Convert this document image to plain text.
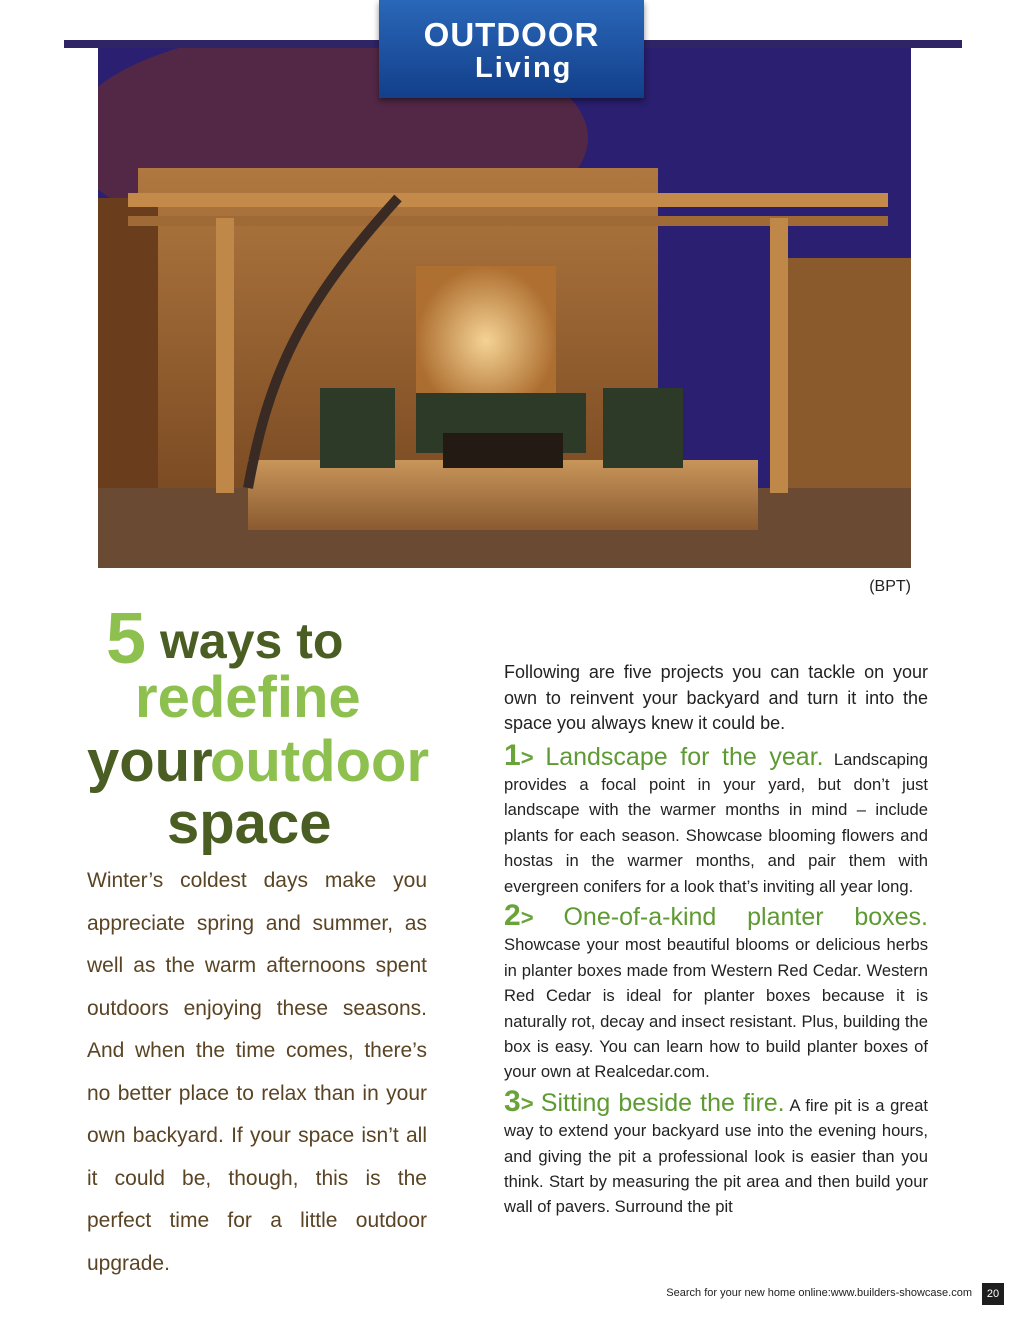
OUTDOOR
Living
(BPT)
5 ways to
redefine
your
outdoor
space
Winter’s coldest days make you appreciate spring and summer, as well as the warm afternoons spent outdoors enjoying these seasons. And when the time comes, there’s no better place to relax than in your own backyard. If your space isn’t all it could be, though, this is the perfect time for a little outdoor upgrade.

Following are five projects you can tackle on your own to reinvent your backyard and turn it into the space you always knew it could be.

1> Landscape for the year. Landscaping provides a focal point in your yard, but don’t just landscape with the warmer months in mind – include plants for each season. Showcase blooming flowers and hostas in the warmer months, and pair them with evergreen conifers for a look that’s inviting all year long.

2> One-of-a-kind planter boxes. Showcase your most beautiful blooms or delicious herbs in planter boxes made from Western Red Cedar. Western Red Cedar is ideal for planter boxes because it is naturally rot, decay and insect resistant. Plus, building the box is easy. You can learn how to build planter boxes of your own at Realcedar.com.

3> Sitting beside the fire. A fire pit is a great way to extend your backyard use into the evening hours, and giving the pit a professional look is easier than you think. Start by measuring the pit area and then build your wall of pavers. Surround the pit

Search for your new home online:www.builders-showcase.com	20
